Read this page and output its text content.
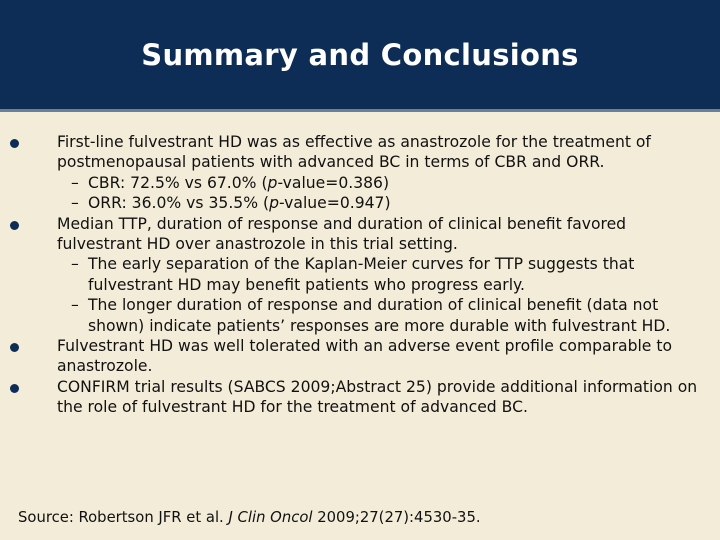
Summary and Conclusions
First-line fulvestrant HD was as effective as anastrozole for the treatment of postmenopausal patients with advanced BC in terms of CBR and ORR.
– CBR: 72.5% vs 67.0% (p-value=0.386)
– ORR: 36.0% vs 35.5% (p-value=0.947)
Median TTP, duration of response and duration of clinical benefit favored fulvestrant HD over anastrozole in this trial setting.
– The early separation of the Kaplan-Meier curves for TTP suggests that fulvestrant HD may benefit patients who progress early.
– The longer duration of response and duration of clinical benefit (data not shown) indicate patients’ responses are more durable with fulvestrant HD.
Fulvestrant HD was well tolerated with an adverse event profile comparable to anastrozole.
CONFIRM trial results (SABCS 2009;Abstract 25) provide additional information on the role of fulvestrant HD for the treatment of advanced BC.
Source: Robertson JFR et al. J Clin Oncol 2009;27(27):4530-35.
